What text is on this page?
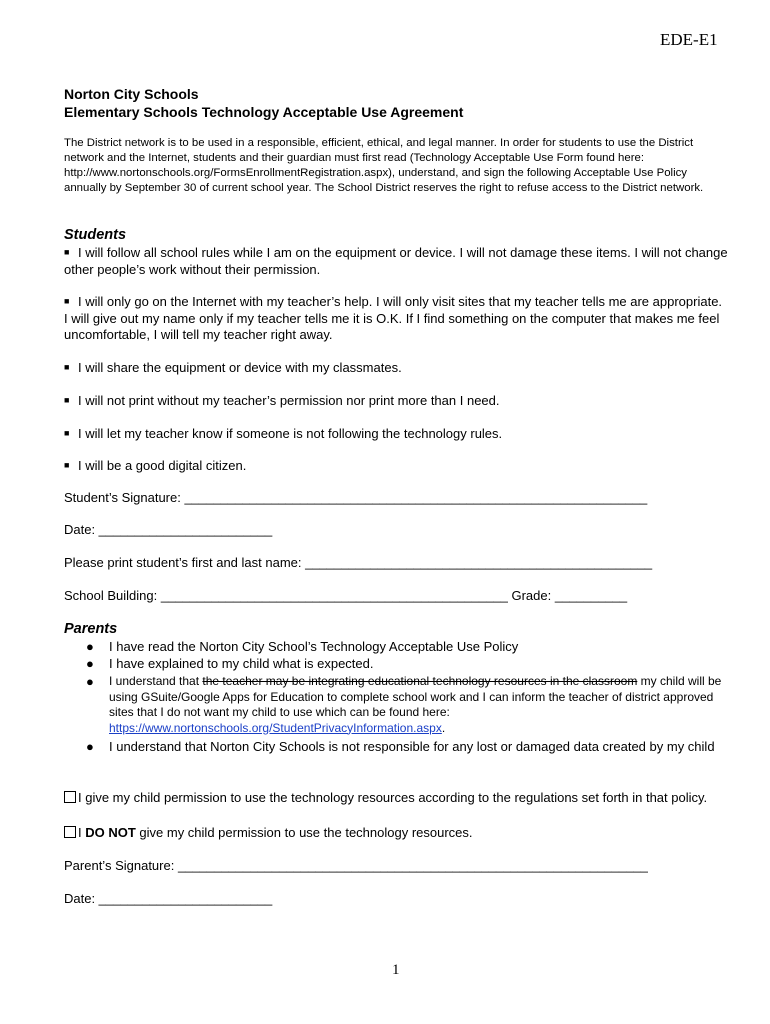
EDE-E1
Norton City Schools
Elementary Schools Technology Acceptable Use Agreement
The District network is to be used in a responsible, efficient, ethical, and legal manner. In order for students to use the District network and the Internet, students and their guardian must first read (Technology Acceptable Use Form found here: http://www.nortonschools.org/FormsEnrollmentRegistration.aspx), understand, and sign the following Acceptable Use Policy annually by September 30 of current school year. The School District reserves the right to refuse access to the District network.
Students
■ I will follow all school rules while I am on the equipment or device. I will not damage these items. I will not change other people’s work without their permission.
■ I will only go on the Internet with my teacher’s help. I will only visit sites that my teacher tells me are appropriate. I will give out my name only if my teacher tells me it is O.K. If I find something on the computer that makes me feel uncomfortable, I will tell my teacher right away.
■ I will share the equipment or device with my classmates.
■ I will not print without my teacher’s permission nor print more than I need.
■ I will let my teacher know if someone is not following the technology rules.
■ I will be a good digital citizen.
Student’s Signature: ________________________________________________________________
Date: ________________________
Please print student’s first and last name: ________________________________________________
School Building: ________________________________________________ Grade: __________
Parents
● I have read the Norton City School’s Technology Acceptable Use Policy
● I have explained to my child what is expected.
● I understand that the teacher may be integrating educational technology resources in the classroom my child will be using GSuite/Google Apps for Education to complete school work and I can inform the teacher of district approved sites that I do not want my child to use which can be found here: https://www.nortonschools.org/StudentPrivacyInformation.aspx.
● I understand that Norton City Schools is not responsible for any lost or damaged data created by my child
I give my child permission to use the technology resources according to the regulations set forth in that policy.
I DO NOT give my child permission to use the technology resources.
Parent’s Signature: _________________________________________________________________
Date: ________________________
1
